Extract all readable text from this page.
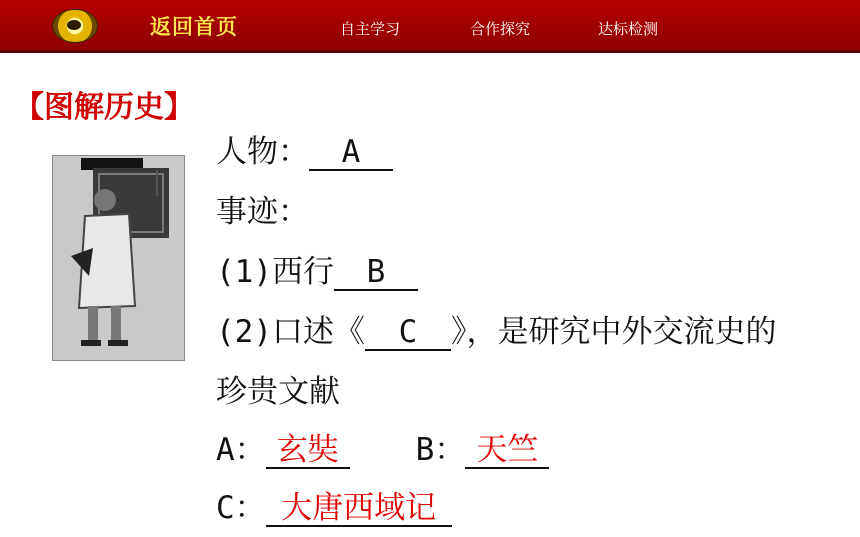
返回首页	自主学习	合作探究	达标检测
【图解历史】
人物： A
事迹：
(1)西行 B
(2)口述《 C 》，是研究中外交流史的
珍贵文献
A： 玄奘 B： 天竺
C： 大唐西域记
